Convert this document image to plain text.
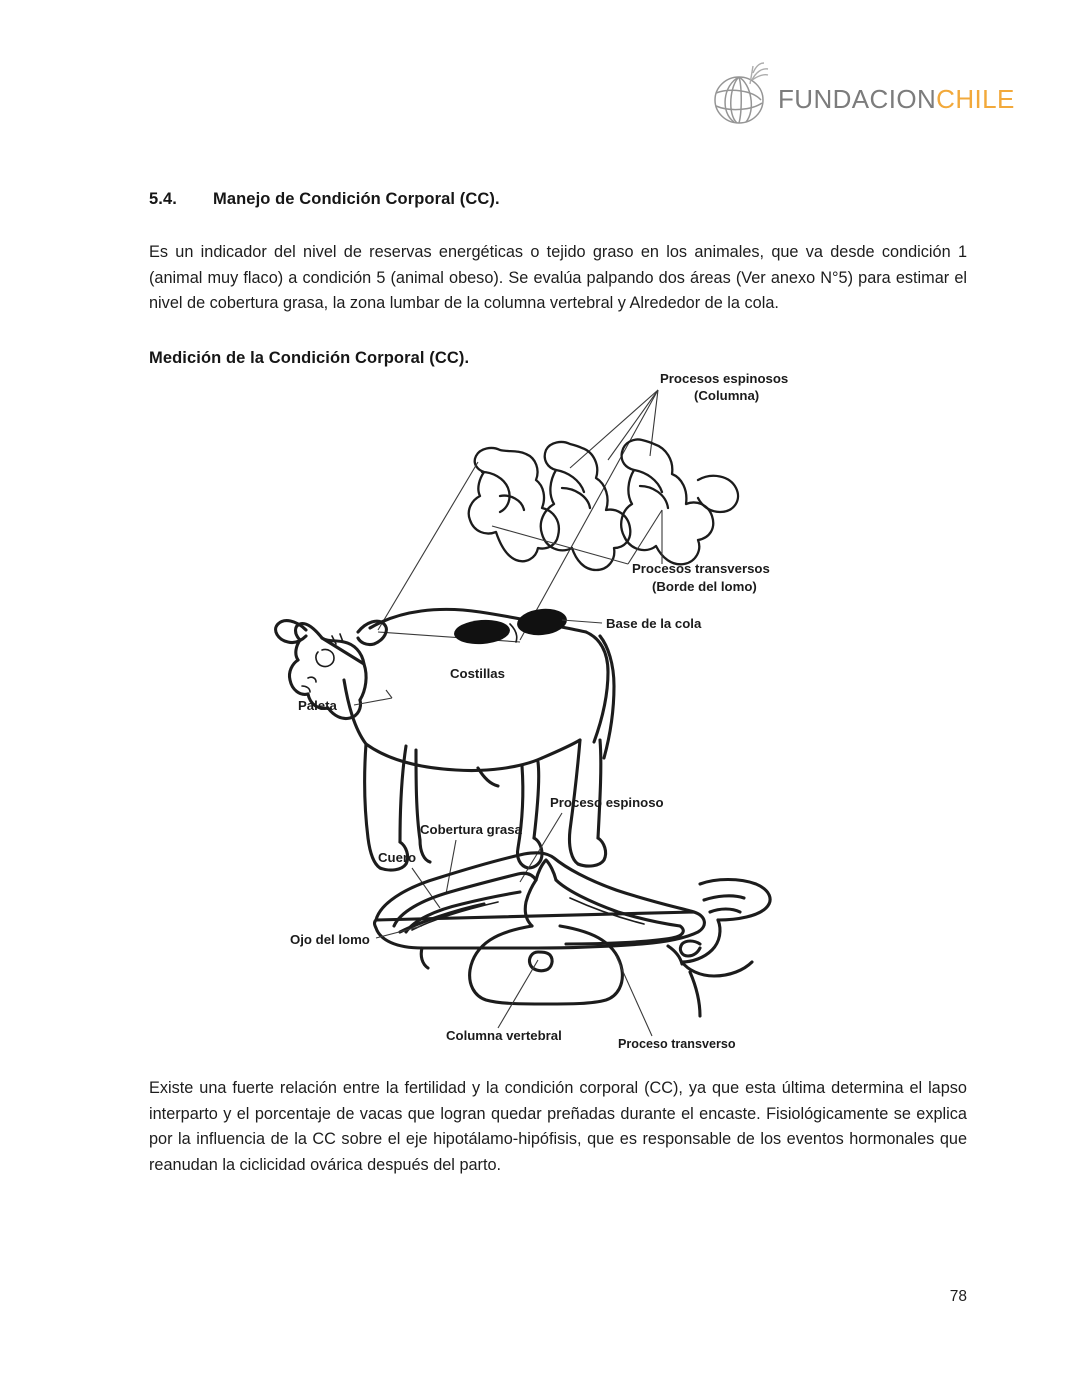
FUNDACIONCHILE
5.4. Manejo de Condición Corporal (CC).
Es un indicador del nivel de reservas energéticas o tejido graso en los animales, que va desde condición 1 (animal muy flaco) a condición 5 (animal obeso). Se evalúa palpando dos áreas (Ver anexo N°5) para estimar el nivel de cobertura grasa, la zona lumbar de la columna vertebral y Alrededor de la cola.
Medición de la Condición Corporal (CC).
Procesos espinosos
(Columna)
Procesos transversos
(Borde del lomo)
Base de la cola
Costillas
Paleta
Proceso espinoso
Cobertura grasa
Cuero
Ojo del lomo
Columna vertebral
Proceso transverso
Existe una fuerte relación entre la fertilidad y la condición corporal (CC), ya que esta última determina el lapso interparto y el porcentaje de vacas que logran quedar preñadas durante el encaste. Fisiológicamente se explica por la influencia de la CC sobre el eje hipotálamo-hipófisis, que es responsable de los eventos hormonales que reanudan la ciclicidad ovárica después del parto.
78
